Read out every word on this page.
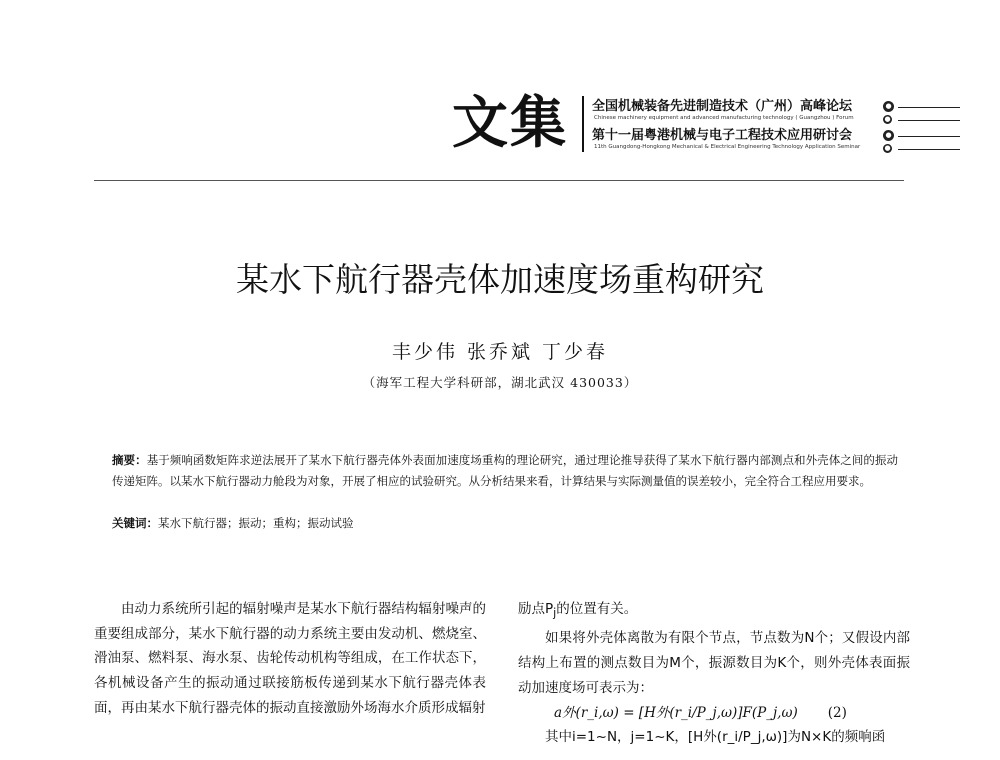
文集	全国机械装备先进制造技术（广州）高峰论坛
Chinese machinery equipment and advanced manufacturing technology ( Guangzhou ) Forum
●
●
第十一届粤港机械与电子工程技术应用研讨会
11th Guangdong-Hongkong Mechanical & Electrical Engineering Technology Application Seminar
●
●
某水下航行器壳体加速度场重构研究
丰少伟 张乔斌 丁少春
（海军工程大学科研部，湖北武汉 430033）
摘要：基于频响函数矩阵求逆法展开了某水下航行器壳体外表面加速度场重构的理论研究，通过理论推导获得了某水下航行器内部测点和外壳体之间的振动传递矩阵。以某水下航行器动力舱段为对象，开展了相应的试验研究。从分析结果来看，计算结果与实际测量值的误差较小，完全符合工程应用要求。
关键词：某水下航行器；振动；重构；振动试验

由动力系统所引起的辐射噪声是某水下航行器结构辐射噪声的重要组成部分，某水下航行器的动力系统主要由发动机、燃烧室、滑油泵、燃料泵、海水泵、齿轮传动机构等组成，在工作状态下，各机械设备产生的振动通过联接筋板传递到某水下航行器壳体表面，再由某水下航行器壳体的振动直接激励外场海水介质形成辐射

励点$P_j$的位置有关。

如果将外壳体离散为有限个节点，节点数为N个；又假设内部结构上布置的测点数目为M个，振源数目为K个，则外壳体表面振动加速度场可表示为：

a外(r_i,ω) = [H外(r_i/P_j,ω)]F(P_j,ω) (2)

其中i=1~N，j=1~K，[H外(r_i/P_j,ω)]为N×K的频响函
